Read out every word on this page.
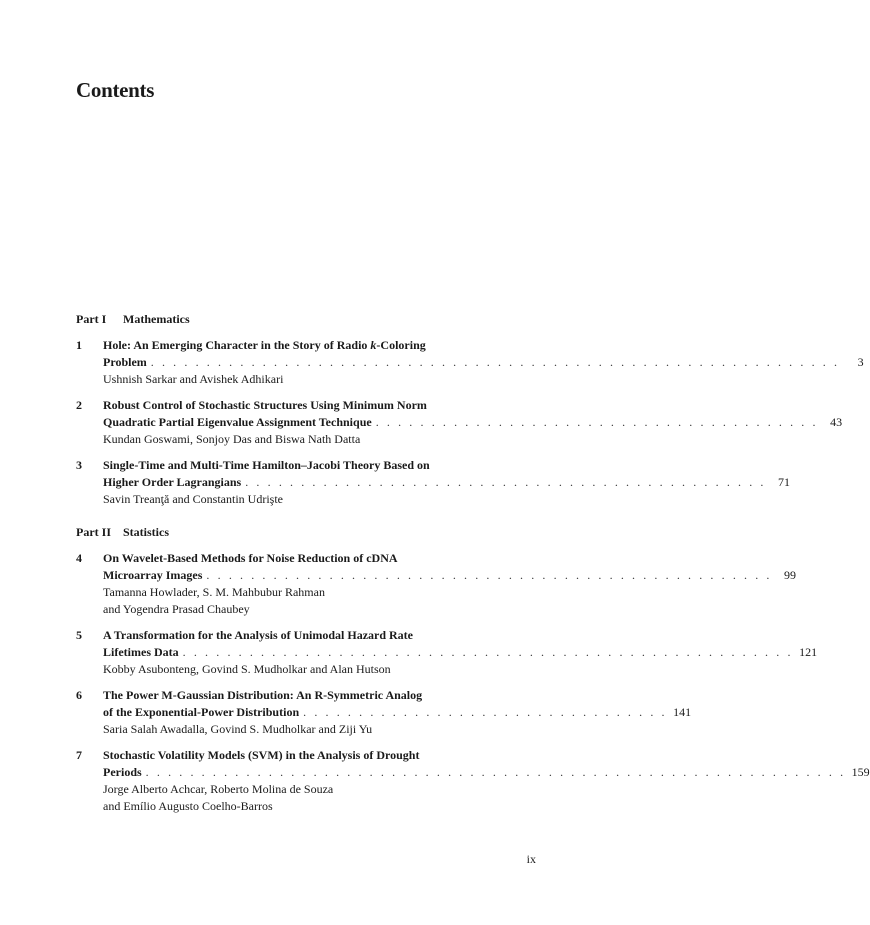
Contents
Part I Mathematics
1 Hole: An Emerging Character in the Story of Radio k-Coloring
Problem . . . . . . . . . . . . . . . . . . . . . . . . . . . . . . . . . . . . . . . . . . . . . . . . . . . . . . . . . . . . . .	3
Ushnish Sarkar and Avishek Adhikari
2 Robust Control of Stochastic Structures Using Minimum Norm
Quadratic Partial Eigenvalue Assignment Technique . . . . . . . . . . . . . . . . . . . . . . . . . . . . . . . . . . . . . . . .	43
Kundan Goswami, Sonjoy Das and Biswa Nath Datta
3 Single-Time and Multi-Time Hamilton–Jacobi Theory Based on
Higher Order Lagrangians . . . . . . . . . . . . . . . . . . . . . . . . . . . . . . . . . . . . . . . . . . . . . . .	71
Savin Treanţă and Constantin Udrişte
Part II Statistics
4 On Wavelet-Based Methods for Noise Reduction of cDNA
Microarray Images . . . . . . . . . . . . . . . . . . . . . . . . . . . . . . . . . . . . . . . . . . . . . . . . . . .	99
Tamanna Howlader, S. M. Mahbubur Rahman
and Yogendra Prasad Chaubey
5 A Transformation for the Analysis of Unimodal Hazard Rate
Lifetimes Data . . . . . . . . . . . . . . . . . . . . . . . . . . . . . . . . . . . . . . . . . . . . . . . . . . . . . . . 121
Kobby Asubonteng, Govind S. Mudholkar and Alan Hutson
6 The Power M-Gaussian Distribution: An R-Symmetric Analog
of the Exponential-Power Distribution . . . . . . . . . . . . . . . . . . . . . . . . . . . . . . . . . 141
Saria Salah Awadalla, Govind S. Mudholkar and Ziji Yu
7 Stochastic Volatility Models (SVM) in the Analysis of Drought
Periods . . . . . . . . . . . . . . . . . . . . . . . . . . . . . . . . . . . . . . . . . . . . . . . . . . . . . . . . . . . . . . . 159
Jorge Alberto Achcar, Roberto Molina de Souza
and Emílio Augusto Coelho-Barros
ix
